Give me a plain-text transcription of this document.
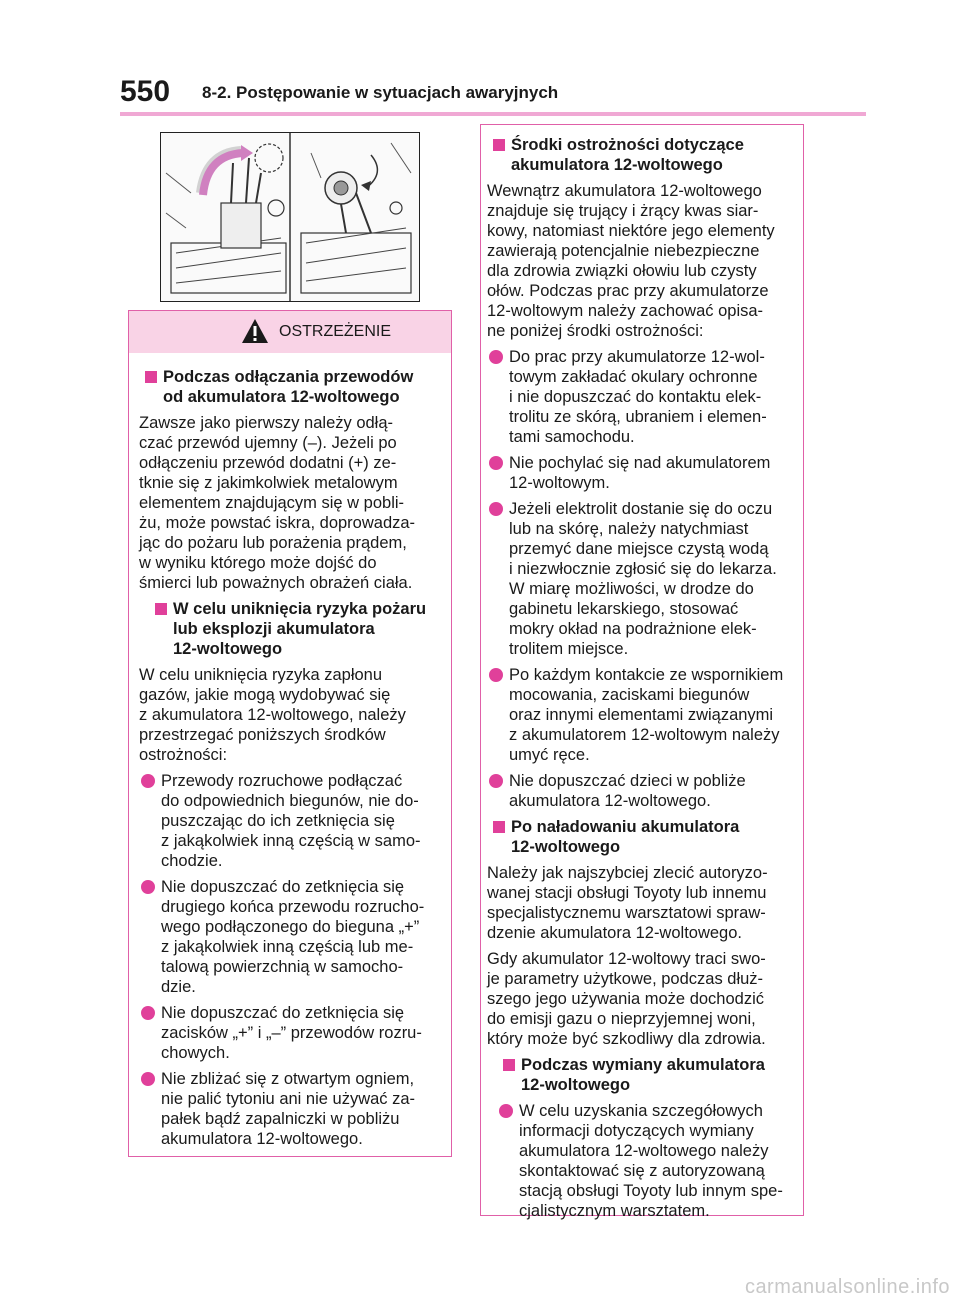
550 8-2. Postępowanie w sytuacjach awaryjnych
OSTRZEŻENIE
Podczas odłączania przewodów
od akumulatora 12-woltowego
Zawsze jako pierwszy należy odłą-
czać przewód ujemny (–). Jeżeli po
odłączeniu przewód dodatni (+) ze-
tknie się z jakimkolwiek metalowym
elementem znajdującym się w pobli-
żu, może powstać iskra, doprowadza-
jąc do pożaru lub porażenia prądem,
w wyniku którego może dojść do
śmierci lub poważnych obrażeń ciała.
W celu uniknięcia ryzyka pożaru
lub eksplozji akumulatora
12-woltowego
W celu uniknięcia ryzyka zapłonu
gazów, jakie mogą wydobywać się
z akumulatora 12-woltowego, należy
przestrzegać poniższych środków
ostrożności:
Przewody rozruchowe podłączać
do odpowiednich biegunów, nie do-
puszczając do ich zetknięcia się
z jakąkolwiek inną częścią w samo-
chodzie.
Nie dopuszczać do zetknięcia się
drugiego końca przewodu rozrucho-
wego podłączonego do bieguna „+”
z jakąkolwiek inną częścią lub me-
talową powierzchnią w samocho-
dzie.
Nie dopuszczać do zetknięcia się
zacisków „+” i „–” przewodów rozru-
chowych.
Nie zbliżać się z otwartym ogniem,
nie palić tytoniu ani nie używać za-
pałek bądź zapalniczki w pobliżu
akumulatora 12-woltowego.
Środki ostrożności dotyczące
akumulatora 12-woltowego
Wewnątrz akumulatora 12-woltowego
znajduje się trujący i żrący kwas siar-
kowy, natomiast niektóre jego elementy
zawierają potencjalnie niebezpieczne
dla zdrowia związki ołowiu lub czysty
ołów. Podczas prac przy akumulatorze
12-woltowym należy zachować opisa-
ne poniżej środki ostrożności:
Do prac przy akumulatorze 12-wol-
towym zakładać okulary ochronne
i nie dopuszczać do kontaktu elek-
trolitu ze skórą, ubraniem i elemen-
tami samochodu.
Nie pochylać się nad akumulatorem
12-woltowym.
Jeżeli elektrolit dostanie się do oczu
lub na skórę, należy natychmiast
przemyć dane miejsce czystą wodą
i niezwłocznie zgłosić się do lekarza.
W miarę możliwości, w drodze do
gabinetu lekarskiego, stosować
mokry okład na podrażnione elek-
trolitem miejsce.
Po każdym kontakcie ze wspornikiem
mocowania, zaciskami biegunów
oraz innymi elementami związanymi
z akumulatorem 12-woltowym należy
umyć ręce.
Nie dopuszczać dzieci w pobliże
akumulatora 12-woltowego.
Po naładowaniu akumulatora
12-woltowego
Należy jak najszybciej zlecić autoryzo-
wanej stacji obsługi Toyoty lub innemu
specjalistycznemu warsztatowi spraw-
dzenie akumulatora 12-woltowego.
Gdy akumulator 12-woltowy traci swo-
je parametry użytkowe, podczas dłuż-
szego jego używania może dochodzić
do emisji gazu o nieprzyjemnej woni,
który może być szkodliwy dla zdrowia.
Podczas wymiany akumulatora
12-woltowego
W celu uzyskania szczegółowych
informacji dotyczących wymiany
akumulatora 12-woltowego należy
skontaktować się z autoryzowaną
stacją obsługi Toyoty lub innym spe-
cjalistycznym warsztatem.
carmanualsonline.info
